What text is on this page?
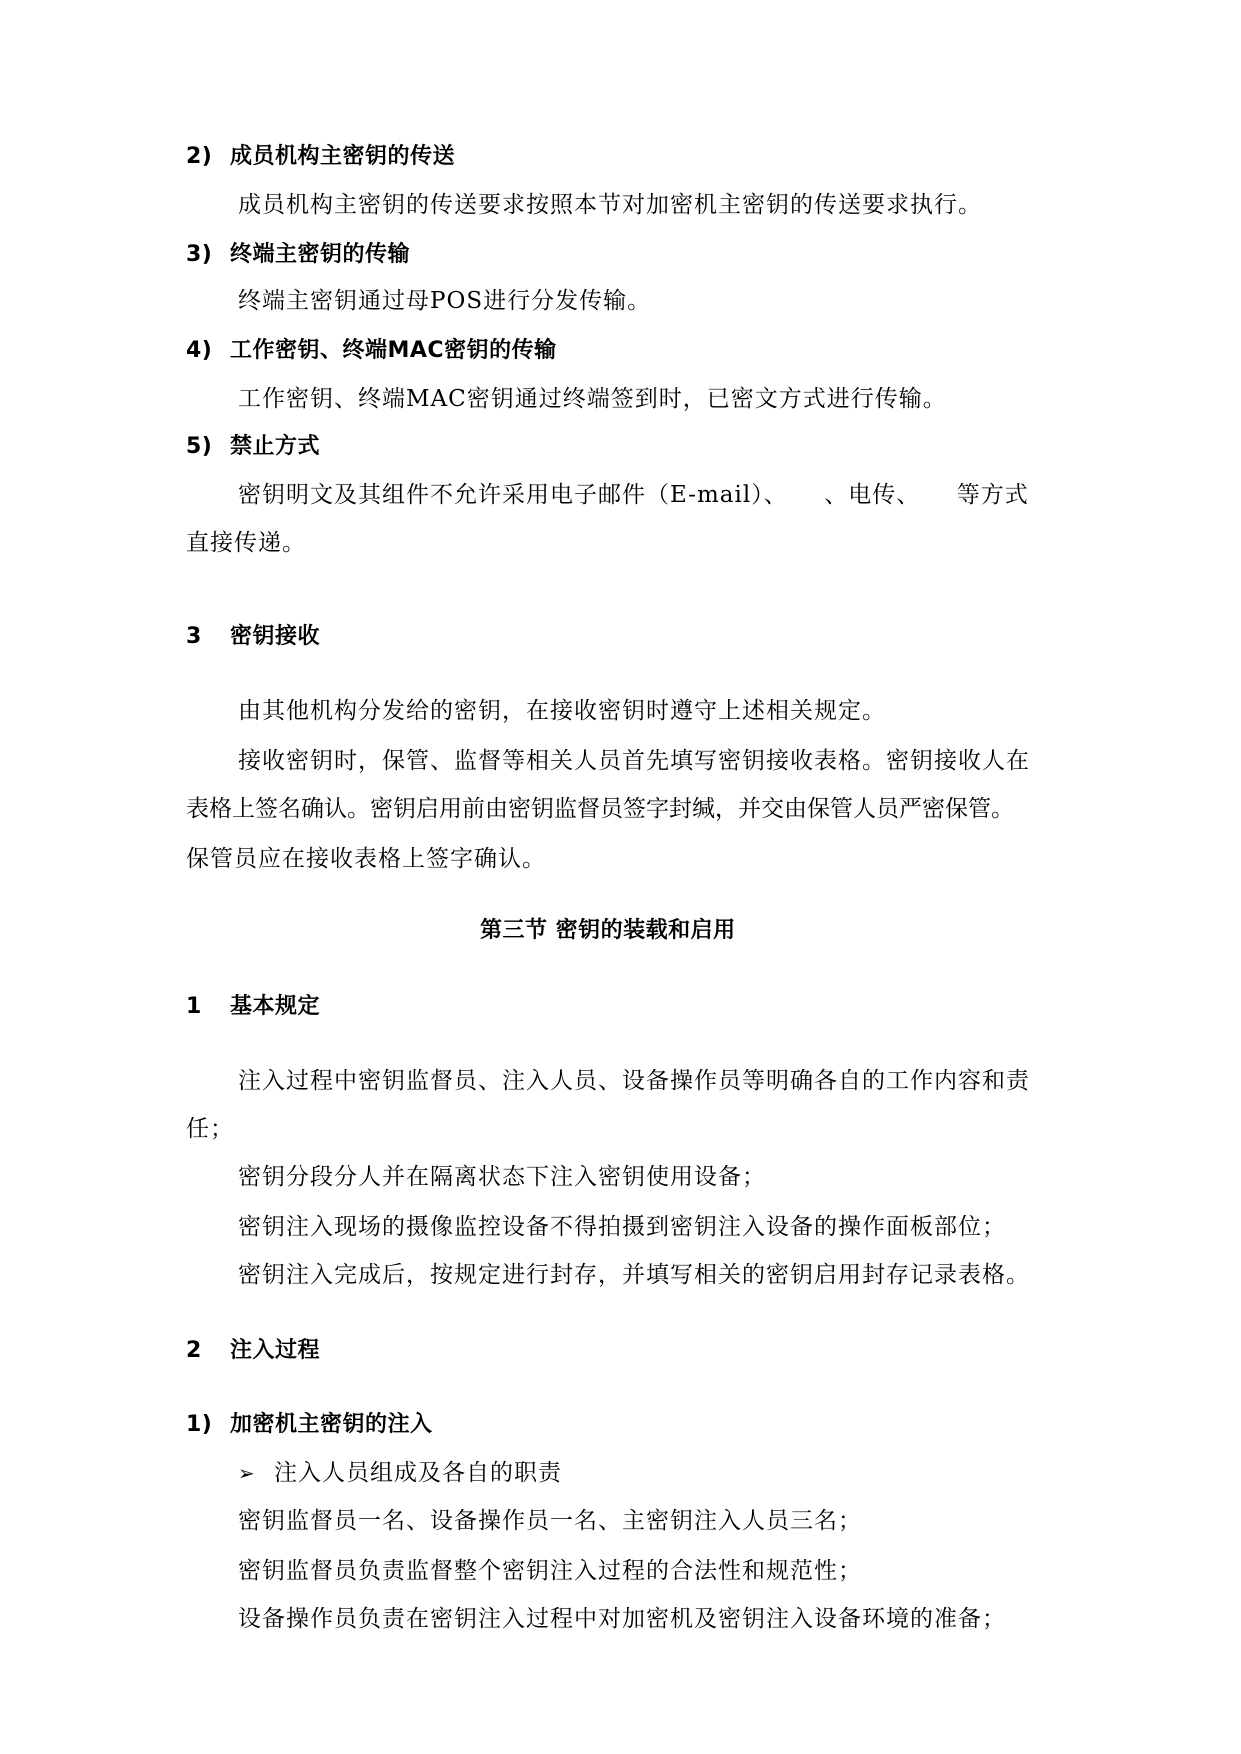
2) 成员机构主密钥的传送

成员机构主密钥的传送要求按照本节对加密机主密钥的传送要求执行。

3) 终端主密钥的传输

终端主密钥通过母POS进行分发传输。

4) 工作密钥、终端MAC密钥的传输

工作密钥、终端MAC密钥通过终端签到时，已密文方式进行传输。

5) 禁止方式

密钥明文及其组件不允许采用电子邮件（E-mail）、　　、电传、　　等方式

直接传递。

3 密钥接收

由其他机构分发给的密钥，在接收密钥时遵守上述相关规定。

接收密钥时，保管、监督等相关人员首先填写密钥接收表格。密钥接收人在

表格上签名确认。密钥启用前由密钥监督员签字封缄，并交由保管人员严密保管。

保管员应在接收表格上签字确认。

第三节 密钥的装载和启用
1 基本规定

注入过程中密钥监督员、注入人员、设备操作员等明确各自的工作内容和责

任；

密钥分段分人并在隔离状态下注入密钥使用设备；

密钥注入现场的摄像监控设备不得拍摄到密钥注入设备的操作面板部位；

密钥注入完成后，按规定进行封存，并填写相关的密钥启用封存记录表格。

2 注入过程
1) 加密机主密钥的注入
➢ 注入人员组成及各自的职责

密钥监督员一名、设备操作员一名、主密钥注入人员三名；

密钥监督员负责监督整个密钥注入过程的合法性和规范性；

设备操作员负责在密钥注入过程中对加密机及密钥注入设备环境的准备；
